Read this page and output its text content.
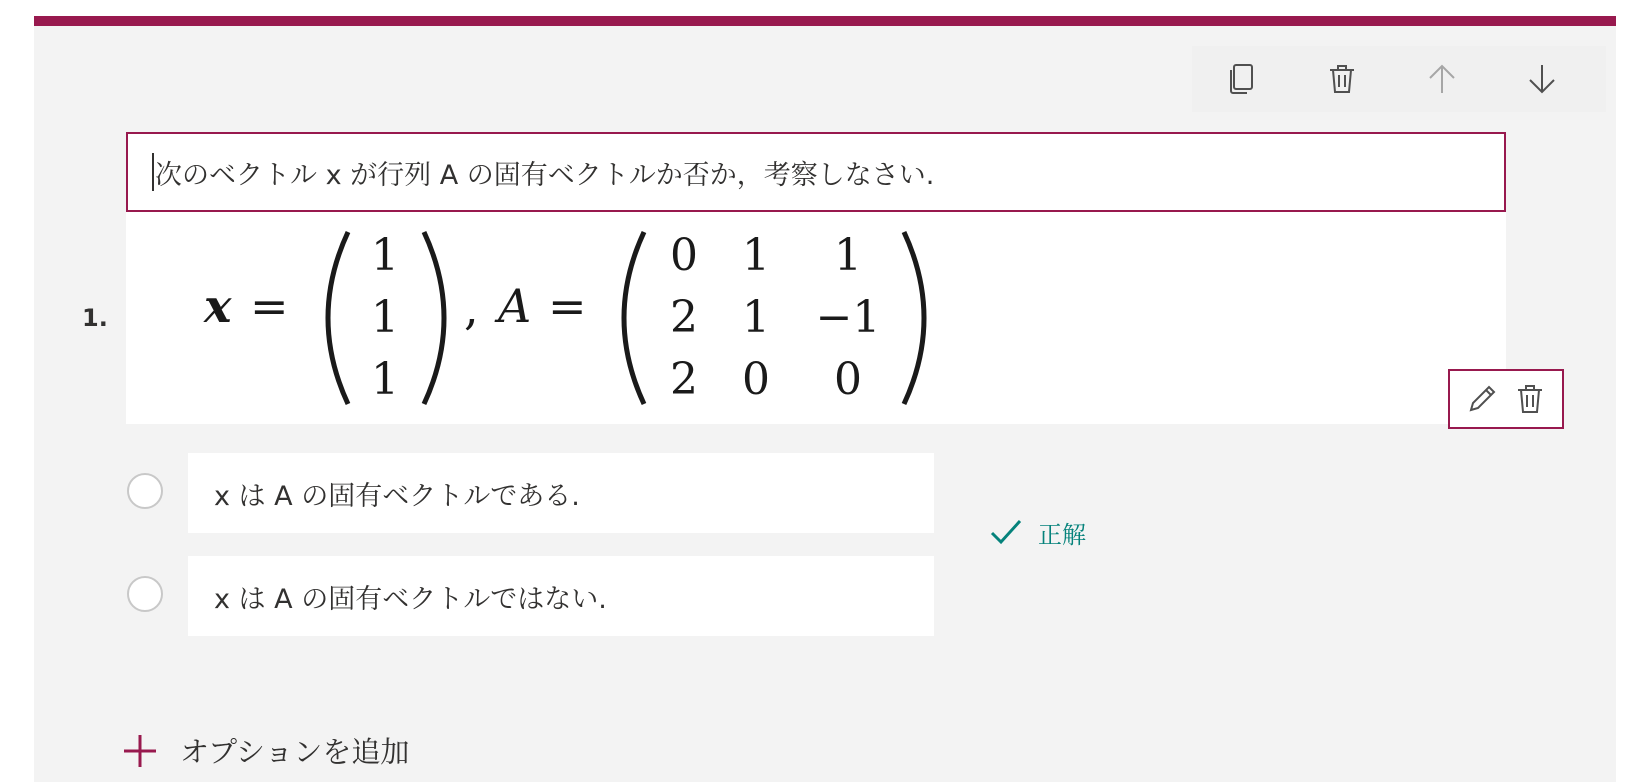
1.
次のベクトル x が行列 A の固有ベクトルか否か，考察しなさい.
x =
1
1
1
, A =
0 1 1
2 1 −1
2 0 0
x は A の固有ベクトルである.
正解
x は A の固有ベクトルではない.
オプションを追加
